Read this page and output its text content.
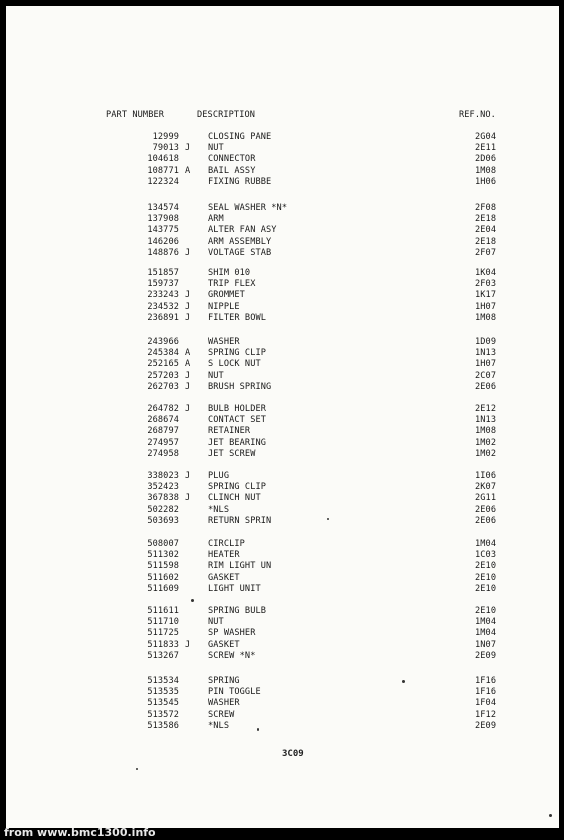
PART NUMBER	DESCRIPTION	REF.NO.
12999	CLOSING PANE	2G04
79013 J	NUT	2E11
104618	CONNECTOR	2D06
108771 A	BAIL ASSY	1M08
122324	FIXING RUBBE	1H06
134574	SEAL WASHER *N*	2F08
137908	ARM	2E18
143775	ALTER FAN ASY	2E04
146206	ARM ASSEMBLY	2E18
148876 J	VOLTAGE STAB	2F07
151857	SHIM 010	1K04
159737	TRIP FLEX	2F03
233243 J	GROMMET	1K17
234532 J	NIPPLE	1H07
236891 J	FILTER BOWL	1M08
243966	WASHER	1D09
245384 A	SPRING CLIP	1N13
252165 A	S LOCK NUT	1H07
257203 J	NUT	2C07
262703 J	BRUSH SPRING	2E06
264782 J	BULB HOLDER	2E12
268674	CONTACT SET	1N13
268797	RETAINER	1M08
274957	JET BEARING	1M02
274958	JET SCREW	1M02
338023 J	PLUG	1I06
352423	SPRING CLIP	2K07
367838 J	CLINCH NUT	2G11
502282	*NLS	2E06
503693	RETURN SPRIN	2E06
508007	CIRCLIP	1M04
511302	HEATER	1C03
511598	RIM LIGHT UN	2E10
511602	GASKET	2E10
511609	LIGHT UNIT	2E10
511611	SPRING BULB	2E10
511710	NUT	1M04
511725	SP WASHER	1M04
511833 J	GASKET	1N07
513267	SCREW *N*	2E09
513534	SPRING	1F16
513535	PIN TOGGLE	1F16
513545	WASHER	1F04
513572	SCREW	1F12
513586	*NLS	2E09
3C09
from www.bmc1300.info
